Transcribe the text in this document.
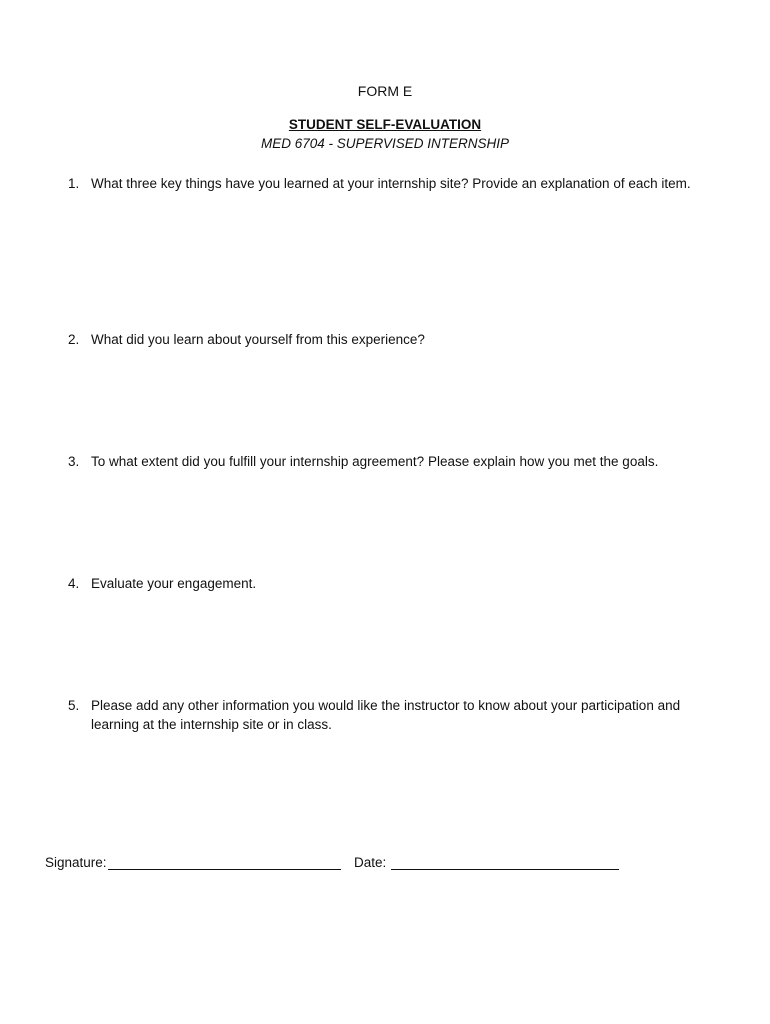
FORM E
STUDENT SELF-EVALUATION
MED 6704 - SUPERVISED INTERNSHIP
1. What three key things have you learned at your internship site? Provide an explanation of each item.
2. What did you learn about yourself from this experience?
3. To what extent did you fulfill your internship agreement? Please explain how you met the goals.
4. Evaluate your engagement.
5. Please add any other information you would like the instructor to know about your participation and learning at the internship site or in class.
Signature:	Date:
